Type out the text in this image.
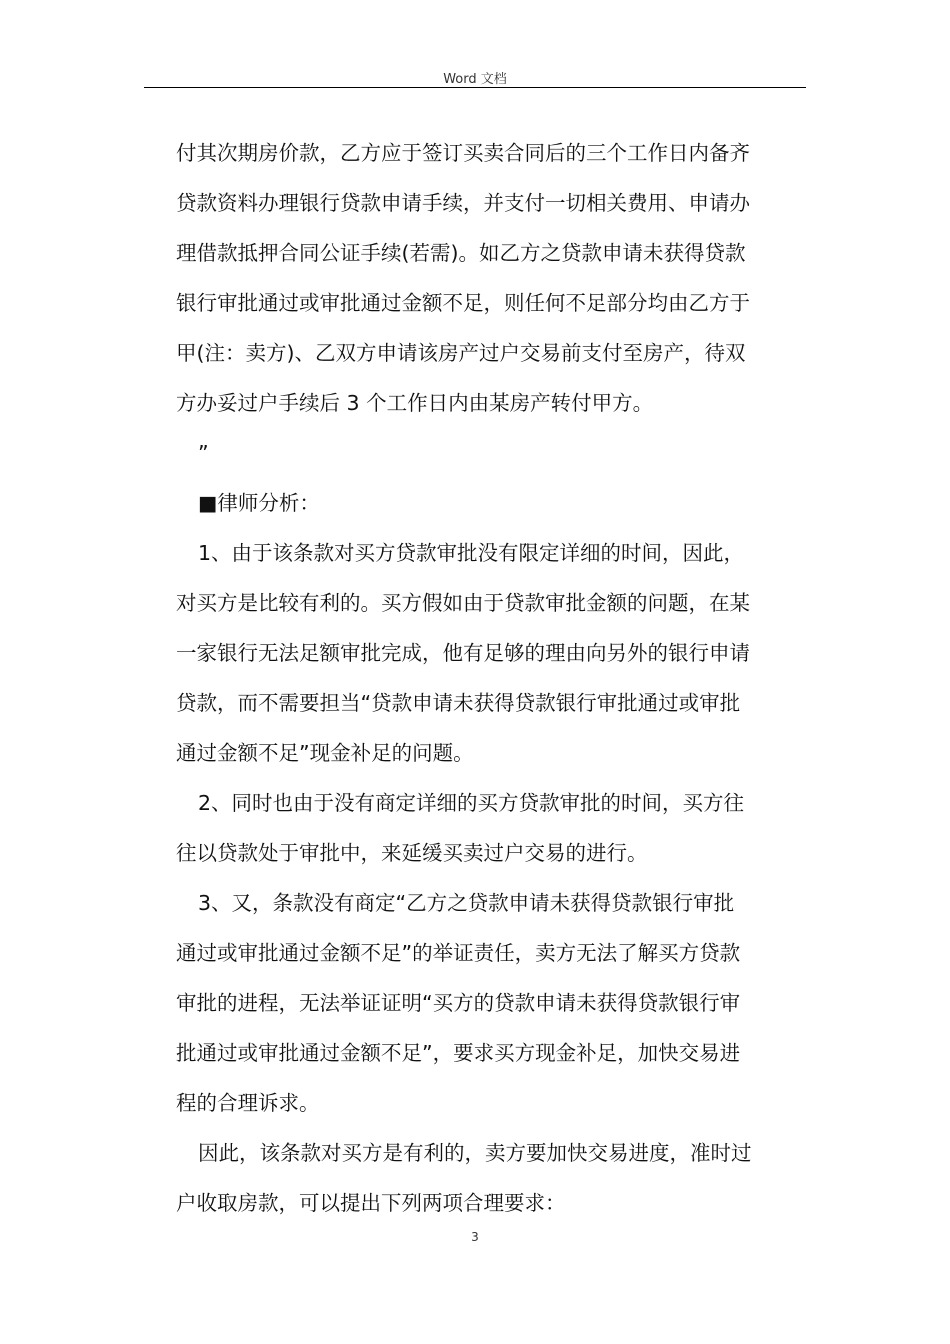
Word 文档

付其次期房价款，乙方应于签订买卖合同后的三个工作日内备齐

贷款资料办理银行贷款申请手续，并支付一切相关费用、申请办

理借款抵押合同公证手续(若需)。如乙方之贷款申请未获得贷款

银行审批通过或审批通过金额不足，则任何不足部分均由乙方于

甲(注：卖方)、乙双方申请该房产过户交易前支付至房产，待双

方办妥过户手续后 3 个工作日内由某房产转付甲方。

”

■律师分析：

1、由于该条款对买方贷款审批没有限定详细的时间，因此，

对买方是比较有利的。买方假如由于贷款审批金额的问题，在某

一家银行无法足额审批完成，他有足够的理由向另外的银行申请

贷款，而不需要担当“贷款申请未获得贷款银行审批通过或审批

通过金额不足”现金补足的问题。

2、同时也由于没有商定详细的买方贷款审批的时间，买方往

往以贷款处于审批中，来延缓买卖过户交易的进行。

3、又，条款没有商定“乙方之贷款申请未获得贷款银行审批

通过或审批通过金额不足”的举证责任，卖方无法了解买方贷款

审批的进程，无法举证证明“买方的贷款申请未获得贷款银行审

批通过或审批通过金额不足”，要求买方现金补足，加快交易进

程的合理诉求。

因此，该条款对买方是有利的，卖方要加快交易进度，准时过

户收取房款，可以提出下列两项合理要求：

3
